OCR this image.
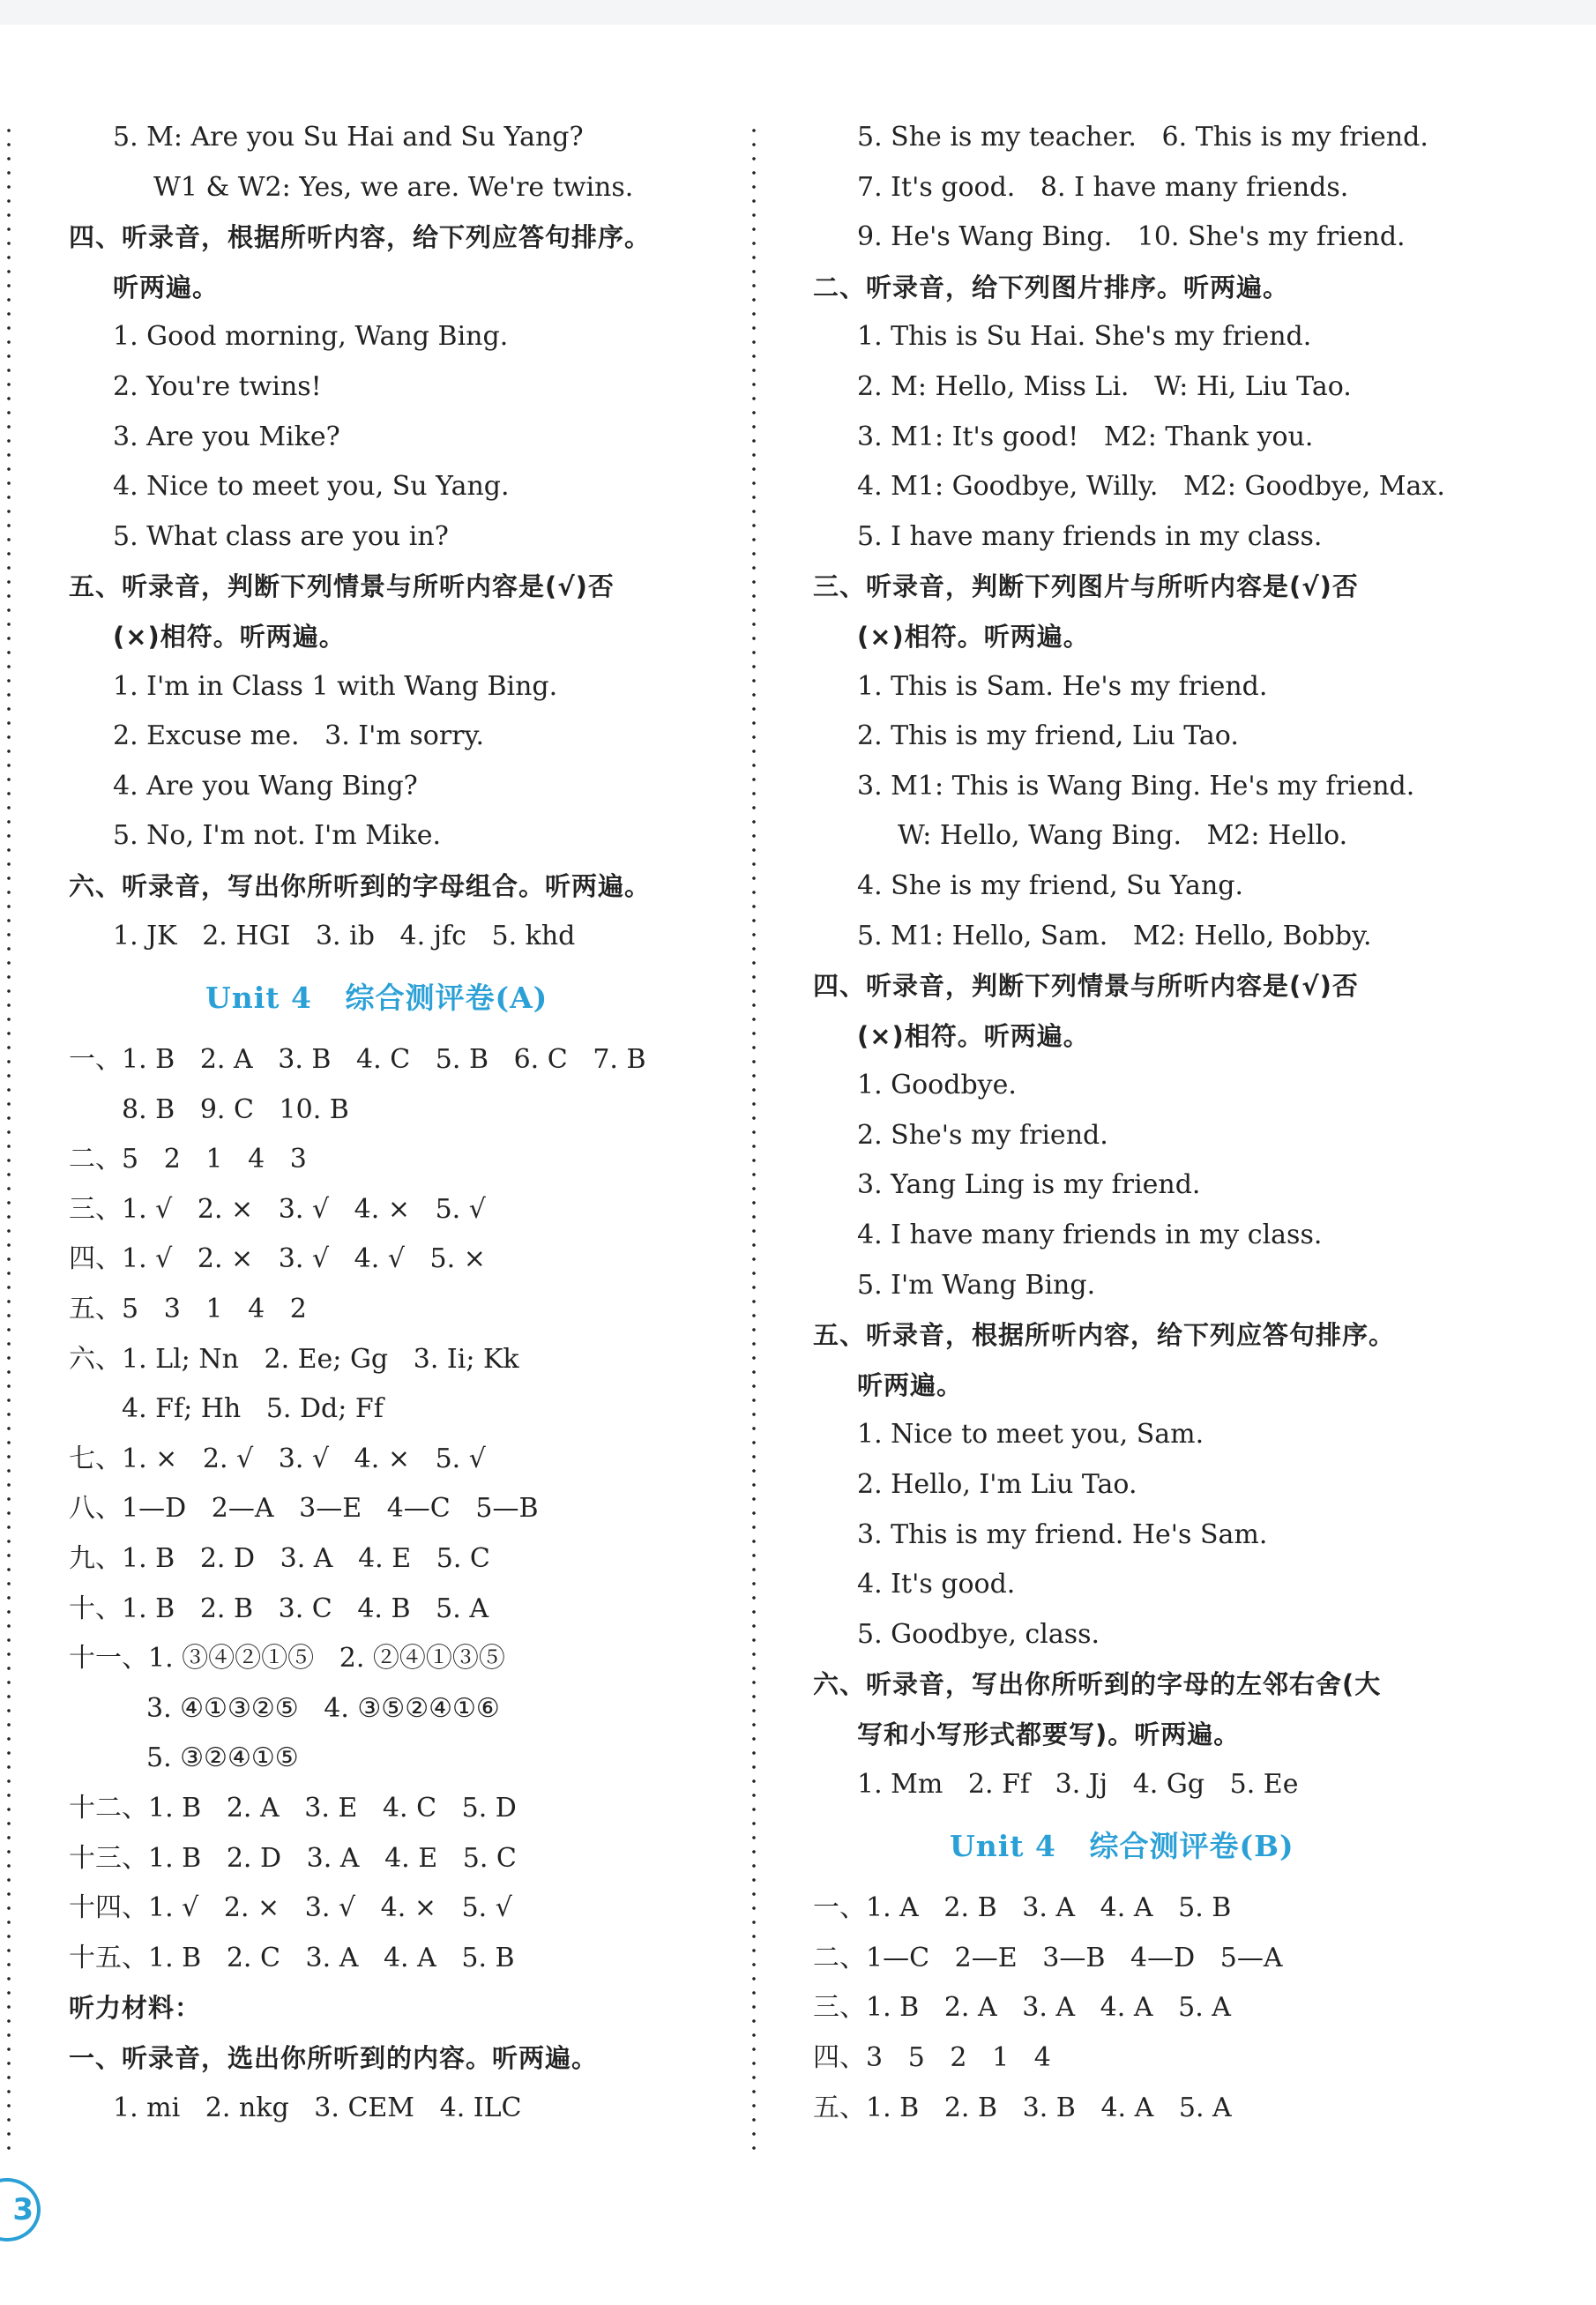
5. M: Are you Su Hai and Su Yang?
W1 & W2: Yes, we are. We're twins.
四、听录音，根据所听内容，给下列应答句排序。
听两遍。
1. Good morning, Wang Bing.
2. You're twins!
3. Are you Mike?
4. Nice to meet you, Su Yang.
5. What class are you in?
五、听录音，判断下列情景与所听内容是(√)否
(×)相符。听两遍。
1. I'm in Class 1 with Wang Bing.
2. Excuse me.   3. I'm sorry.
4. Are you Wang Bing?
5. No, I'm not. I'm Mike.
六、听录音，写出你所听到的字母组合。听两遍。
1. JK   2. HGI   3. ib   4. jfc   5. khd
Unit 4   综合测评卷(A)
一、1. B   2. A   3. B   4. C   5. B   6. C   7. B
8. B   9. C   10. B
二、5   2   1   4   3
三、1. √   2. ×   3. √   4. ×   5. √
四、1. √   2. ×   3. √   4. √   5. ×
五、5   3   1   4   2
六、1. Ll; Nn   2. Ee; Gg   3. Ii; Kk
4. Ff; Hh   5. Dd; Ff
七、1. ×   2. √   3. √   4. ×   5. √
八、1—D   2—A   3—E   4—C   5—B
九、1. B   2. D   3. A   4. E   5. C
十、1. B   2. B   3. C   4. B   5. A
十一、1. ③④②①⑤   2. ②④①③⑤
3. ④①③②⑤   4. ③⑤②④①⑥
5. ③②④①⑤
十二、1. B   2. A   3. E   4. C   5. D
十三、1. B   2. D   3. A   4. E   5. C
十四、1. √   2. ×   3. √   4. ×   5. √
十五、1. B   2. C   3. A   4. A   5. B
听力材料：
一、听录音，选出你所听到的内容。听两遍。
1. mi   2. nkg   3. CEM   4. ILC
5. She is my teacher.   6. This is my friend.
7. It's good.   8. I have many friends.
9. He's Wang Bing.   10. She's my friend.
二、听录音，给下列图片排序。听两遍。
1. This is Su Hai. She's my friend.
2. M: Hello, Miss Li.   W: Hi, Liu Tao.
3. M1: It's good!   M2: Thank you.
4. M1: Goodbye, Willy.   M2: Goodbye, Max.
5. I have many friends in my class.
三、听录音，判断下列图片与所听内容是(√)否
(×)相符。听两遍。
1. This is Sam. He's my friend.
2. This is my friend, Liu Tao.
3. M1: This is Wang Bing. He's my friend.
W: Hello, Wang Bing.   M2: Hello.
4. She is my friend, Su Yang.
5. M1: Hello, Sam.   M2: Hello, Bobby.
四、听录音，判断下列情景与所听内容是(√)否
(×)相符。听两遍。
1. Goodbye.
2. She's my friend.
3. Yang Ling is my friend.
4. I have many friends in my class.
5. I'm Wang Bing.
五、听录音，根据所听内容，给下列应答句排序。
听两遍。
1. Nice to meet you, Sam.
2. Hello, I'm Liu Tao.
3. This is my friend. He's Sam.
4. It's good.
5. Goodbye, class.
六、听录音，写出你所听到的字母的左邻右舍(大
写和小写形式都要写)。听两遍。
1. Mm   2. Ff   3. Jj   4. Gg   5. Ee
Unit 4   综合测评卷(B)
一、1. A   2. B   3. A   4. A   5. B
二、1—C   2—E   3—B   4—D   5—A
三、1. B   2. A   3. A   4. A   5. A
四、3   5   2   1   4
五、1. B   2. B   3. B   4. A   5. A
3
